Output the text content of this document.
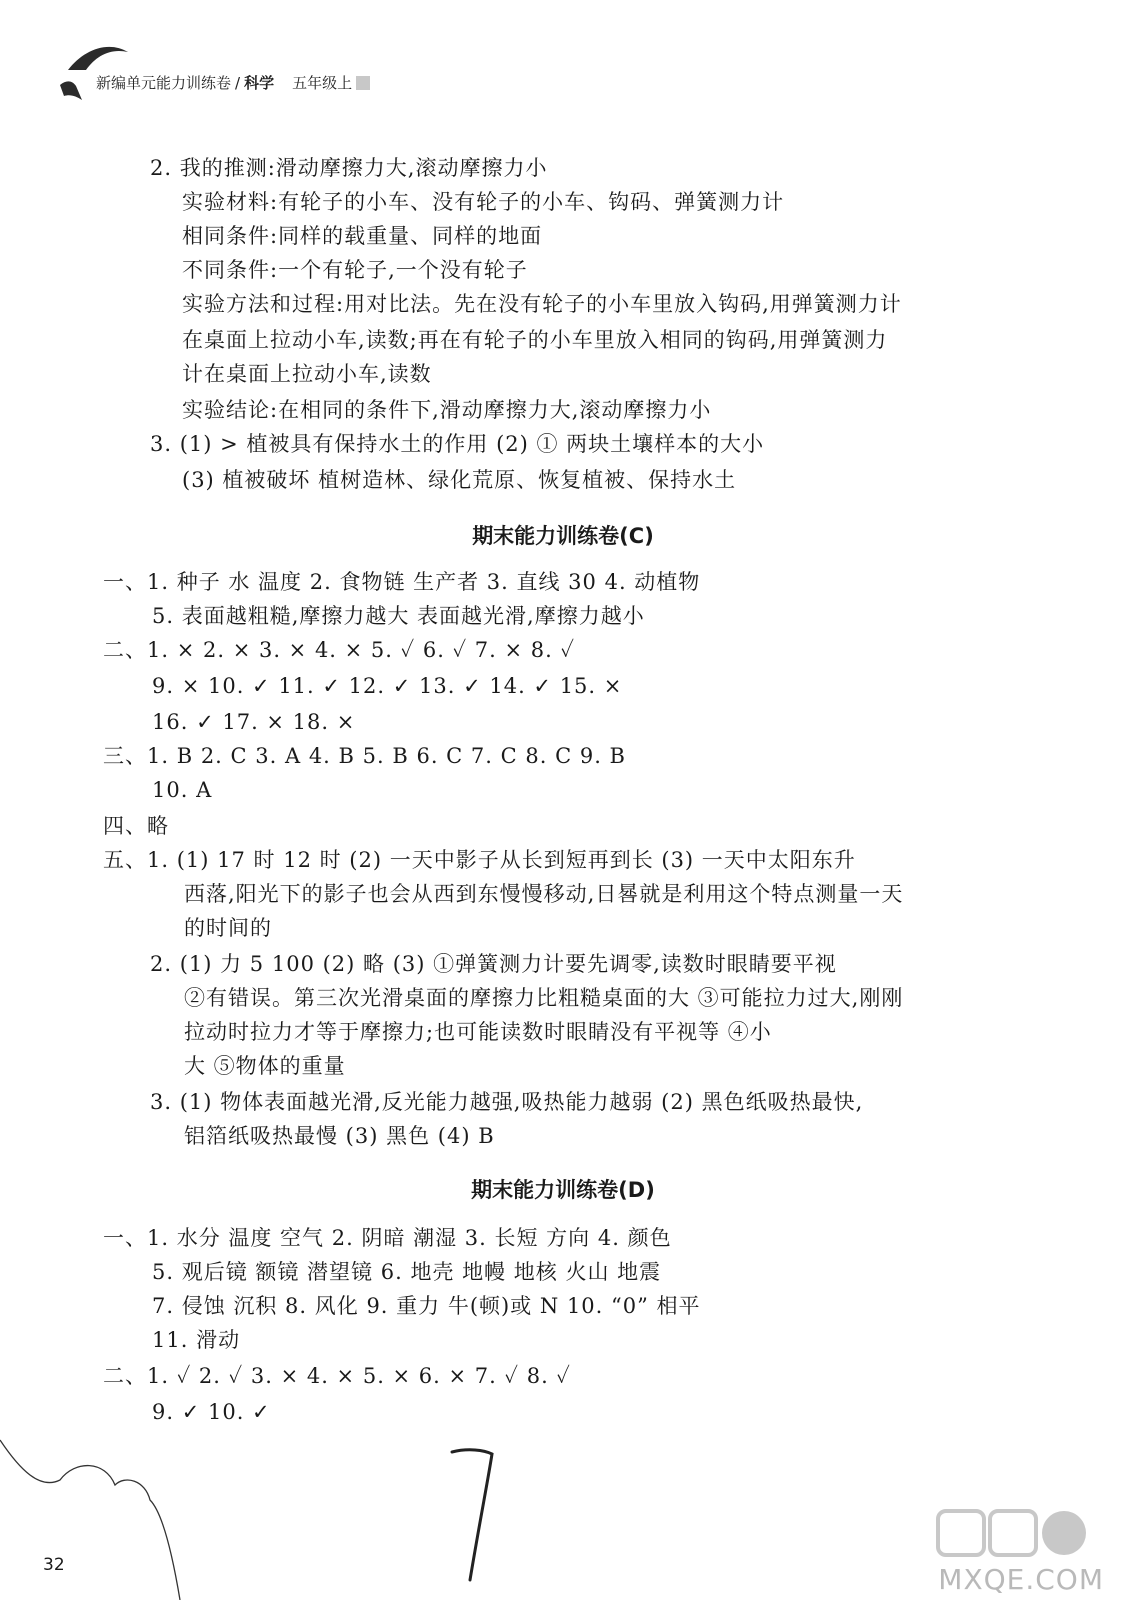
新编单元能力训练卷 / 科学 五年级上
2. 我的推测:滑动摩擦力大,滚动摩擦力小
实验材料:有轮子的小车、没有轮子的小车、钩码、弹簧测力计
相同条件:同样的载重量、同样的地面
不同条件:一个有轮子,一个没有轮子
实验方法和过程:用对比法。先在没有轮子的小车里放入钩码,用弹簧测力计
在桌面上拉动小车,读数;再在有轮子的小车里放入相同的钩码,用弹簧测力
计在桌面上拉动小车,读数
实验结论:在相同的条件下,滑动摩擦力大,滚动摩擦力小
3. (1) > 植被具有保持水土的作用 (2) ① 两块土壤样本的大小
(3) 植被破坏 植树造林、绿化荒原、恢复植被、保持水土
期末能力训练卷(C)
一、1. 种子 水 温度 2. 食物链 生产者 3. 直线 30 4. 动植物
5. 表面越粗糙,摩擦力越大 表面越光滑,摩擦力越小
二、1. × 2. × 3. × 4. × 5. ✓ 6. ✓ 7. × 8. ✓
9. × 10. ✓ 11. ✓ 12. ✓ 13. ✓ 14. ✓ 15. ×
16. ✓ 17. × 18. ×
三、1. B 2. C 3. A 4. B 5. B 6. C 7. C 8. C 9. B
10. A
四、略
五、1. (1) 17 时 12 时 (2) 一天中影子从长到短再到长 (3) 一天中太阳东升
西落,阳光下的影子也会从西到东慢慢移动,日晷就是利用这个特点测量一天
的时间的
2. (1) 力 5 100 (2) 略 (3) ①弹簧测力计要先调零,读数时眼睛要平视
②有错误。第三次光滑桌面的摩擦力比粗糙桌面的大 ③可能拉力过大,刚刚
拉动时拉力才等于摩擦力;也可能读数时眼睛没有平视等 ④小
大 ⑤物体的重量
3. (1) 物体表面越光滑,反光能力越强,吸热能力越弱 (2) 黑色纸吸热最快,
铝箔纸吸热最慢 (3) 黑色 (4) B
期末能力训练卷(D)
一、1. 水分 温度 空气 2. 阴暗 潮湿 3. 长短 方向 4. 颜色
5. 观后镜 额镜 潜望镜 6. 地壳 地幔 地核 火山 地震
7. 侵蚀 沉积 8. 风化 9. 重力 牛(顿)或 N 10. “0” 相平
11. 滑动
二、1. ✓ 2. ✓ 3. × 4. × 5. × 6. × 7. ✓ 8. ✓
9. ✓ 10. ✓
32	MXQE.COM
